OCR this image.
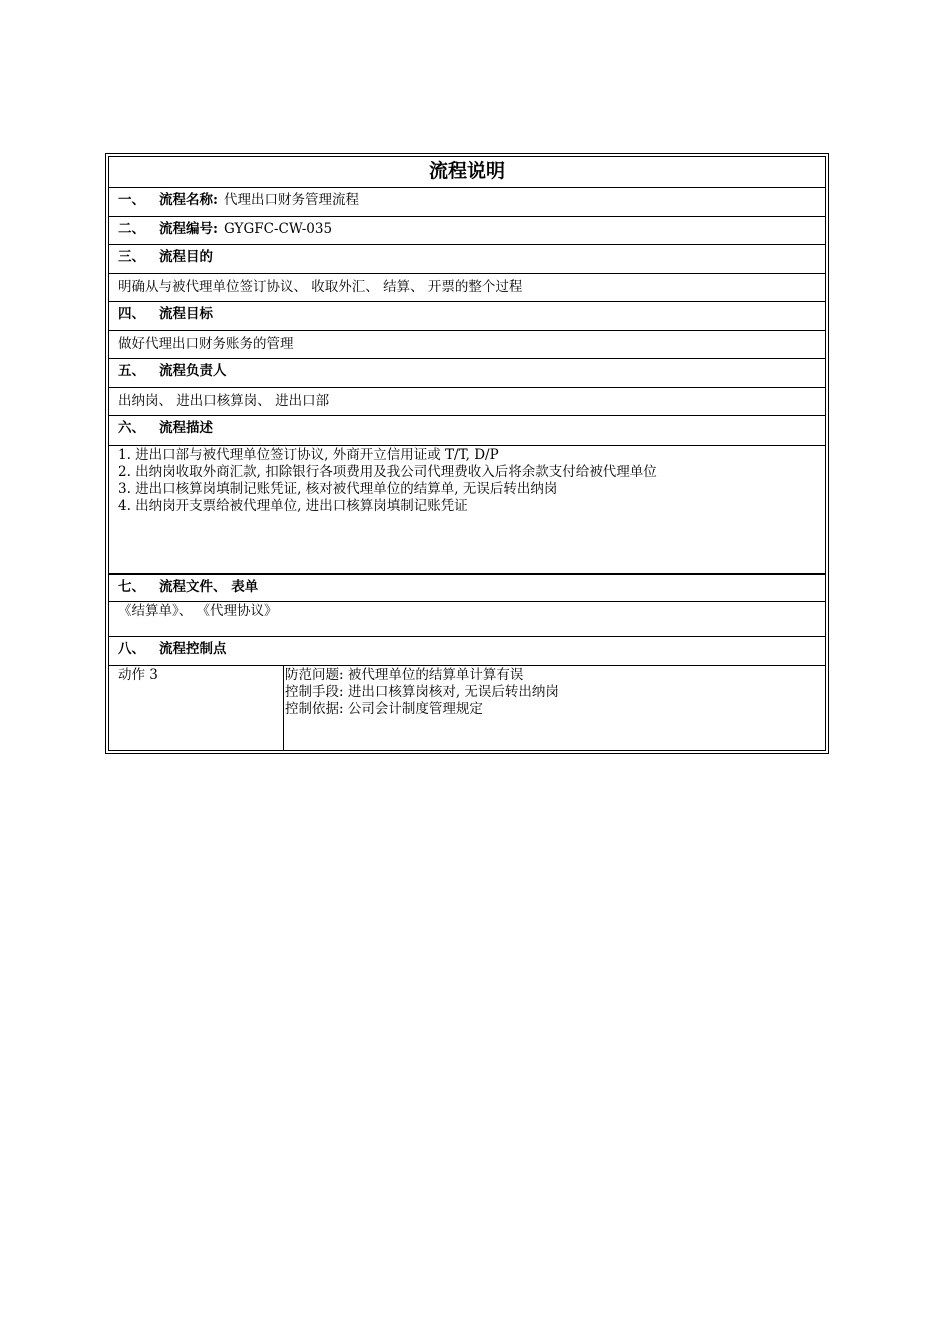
流程说明
一、 流程名称: 代理出口财务管理流程
二、 流程编号: GYGFC-CW-035
三、 流程目的
明确从与被代理单位签订协议、 收取外汇、 结算、 开票的整个过程
四、 流程目标
做好代理出口财务账务的管理
五、 流程负责人
出纳岗、 进出口核算岗、 进出口部
六、 流程描述
1. 进出口部与被代理单位签订协议, 外商开立信用证或 T/T, D/P
2. 出纳岗收取外商汇款, 扣除银行各项费用及我公司代理费收入后将余款支付给被代理单位
3. 进出口核算岗填制记账凭证, 核对被代理单位的结算单, 无误后转出纳岗
4. 出纳岗开支票给被代理单位, 进出口核算岗填制记账凭证
七、 流程文件、 表单
《结算单》、 《代理协议》
八、 流程控制点
动作 3	防范问题: 被代理单位的结算单计算有误
控制手段: 进出口核算岗核对, 无误后转出纳岗
控制依据: 公司会计制度管理规定
